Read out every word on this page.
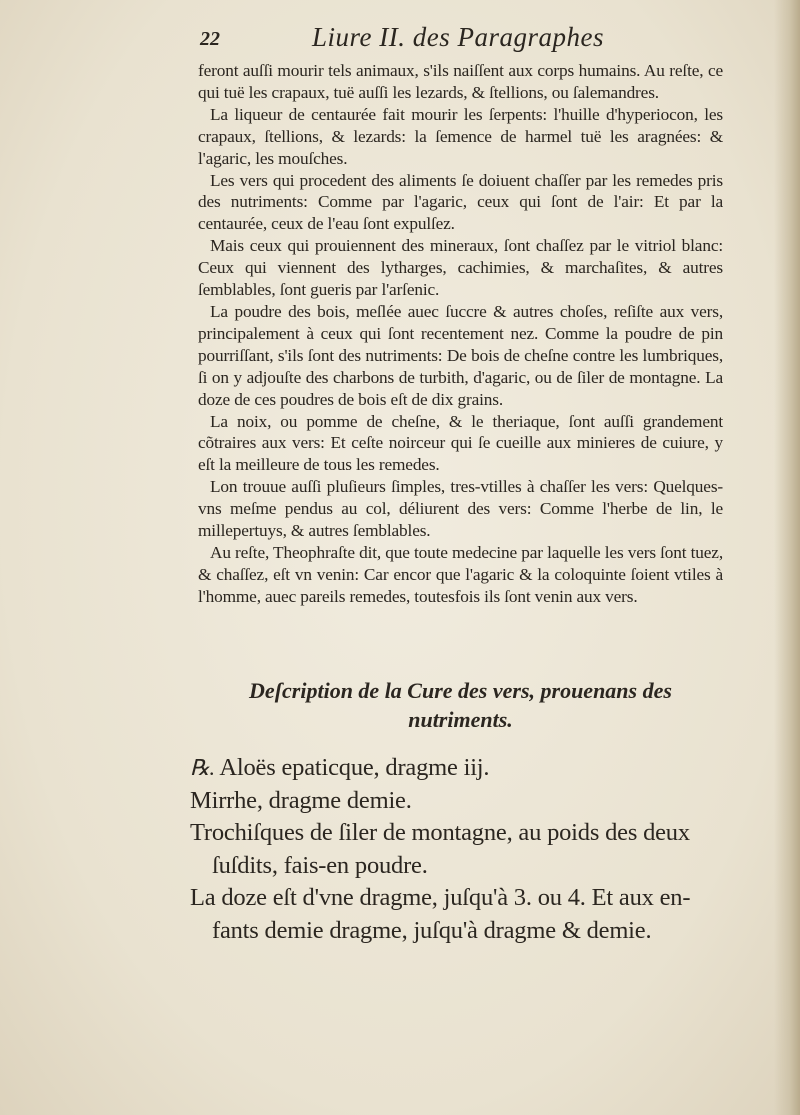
22	Liure II. des Paragraphes

feront auſſi mourir tels animaux, s'ils naiſſent aux corps humains. Au reſte, ce qui tuë les crapaux, tuë auſſi les lezards, & ſtellions, ou ſalemandres.

La liqueur de centaurée fait mourir les ſerpents: l'huille d'hyperiocon, les crapaux, ſtellions, & lezards: la ſemence de harmel tuë les aragnées: & l'agaric, les mouſches.

Les vers qui procedent des aliments ſe doiuent chaſſer par les remedes pris des nutriments: Comme par l'agaric, ceux qui ſont de l'air: Et par la centaurée, ceux de l'eau ſont expulſez.

Mais ceux qui prouiennent des mineraux, ſont chaſſez par le vitriol blanc: Ceux qui viennent des lytharges, cachimies, & marchaſites, & autres ſemblables, ſont gueris par l'arſenic.

La poudre des bois, meſlée auec ſuccre & autres choſes, reſiſte aux vers, principalement à ceux qui ſont recentement nez. Comme la poudre de pin pourriſſant, s'ils ſont des nutriments: De bois de cheſne contre les lumbriques, ſi on y adjouſte des charbons de turbith, d'agaric, ou de ſiler de montagne. La doze de ces poudres de bois eſt de dix grains.

La noix, ou pomme de cheſne, & le theriaque, ſont auſſi grandement cõtraires aux vers: Et ceſte noirceur qui ſe cueille aux minieres de cuiure, y eſt la meilleure de tous les remedes.

Lon trouue auſſi pluſieurs ſimples, tres-vtilles à chaſſer les vers: Quelques-vns meſme pendus au col, déliurent des vers: Comme l'herbe de lin, le millepertuys, & autres ſemblables.

Au reſte, Theophraſte dit, que toute medecine par laquelle les vers ſont tuez, & chaſſez, eſt vn venin: Car encor que l'agaric & la coloquinte ſoient vtiles à l'homme, auec pareils remedes, toutesfois ils ſont venin aux vers.

Deſcription de la Cure des vers, prouenans des nutriments.

℞. Aloës epaticque, dragme iij.

Mirrhe, dragme demie.

Trochiſques de ſiler de montagne, au poids des deux

ſuſdits, fais-en poudre.

La doze eſt d'vne dragme, juſqu'à 3. ou 4. Et aux en-

fants demie dragme, juſqu'à dragme & demie.
